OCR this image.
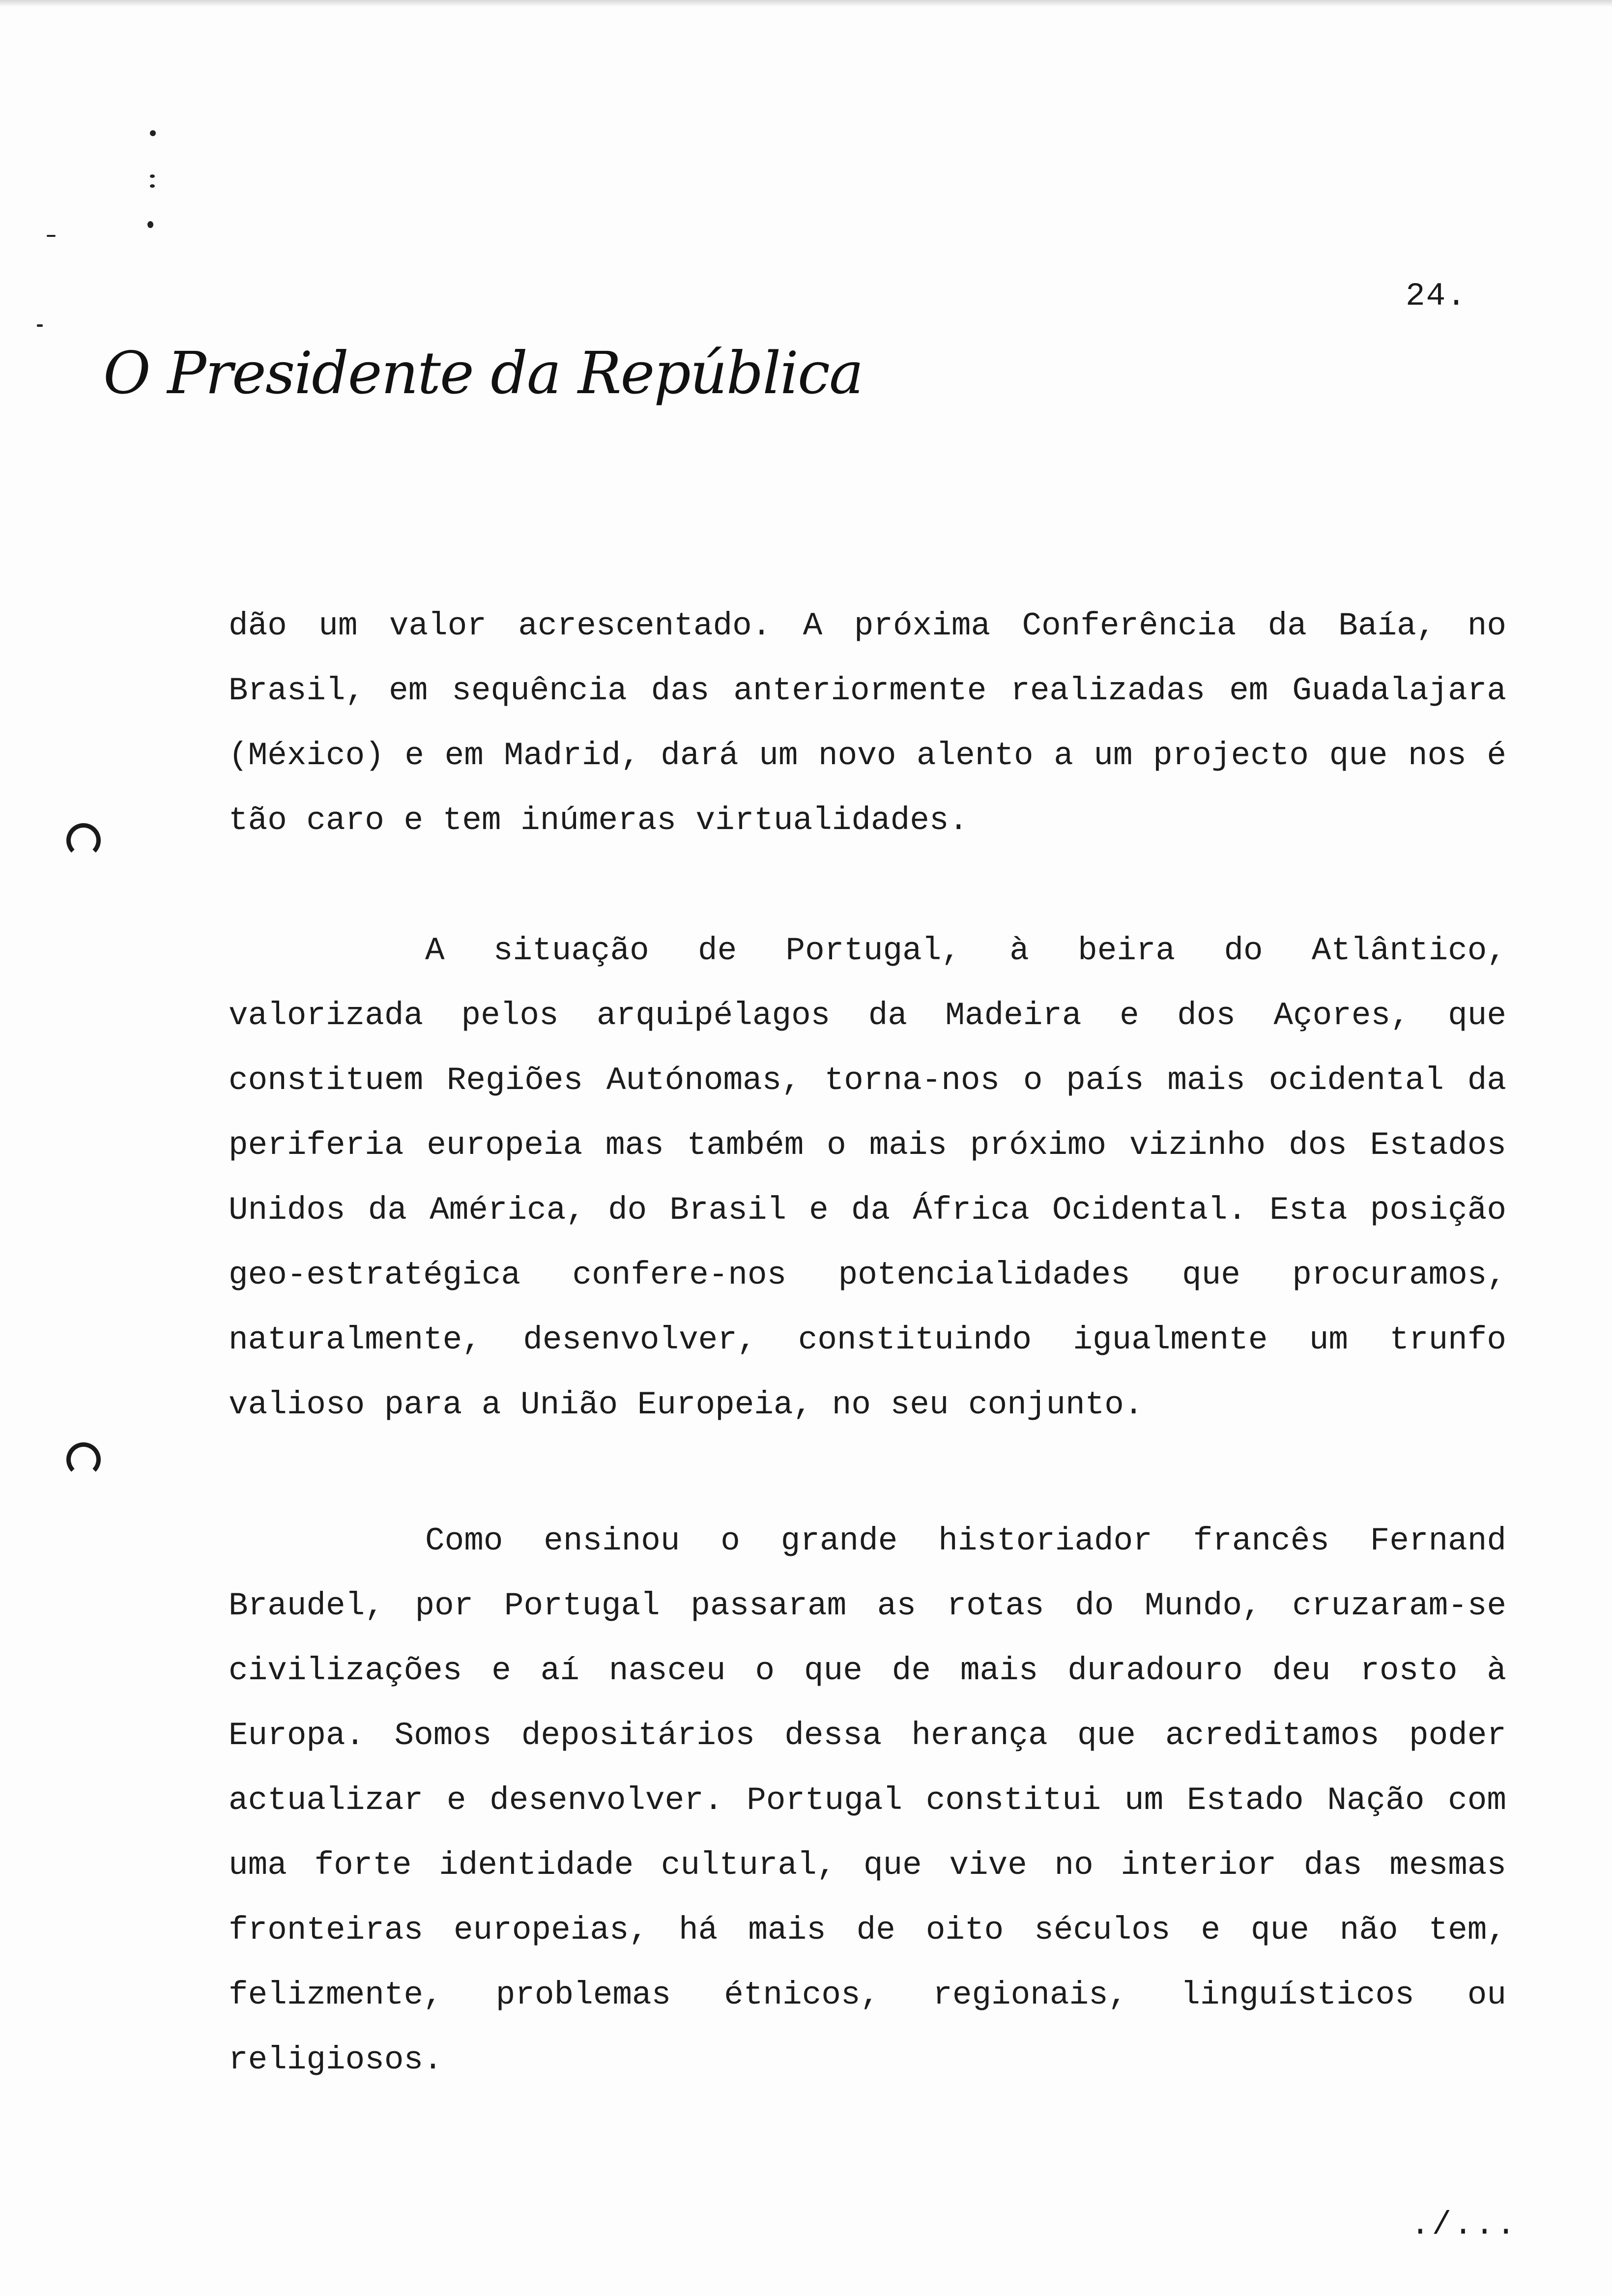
24.
O Presidente da República

dão um valor acrescentado. A próxima Conferência da Baía, no Brasil, em sequência das anteriormente realizadas em Guadalajara (México) e em Madrid, dará um novo alento a um projecto que nos é tão caro e tem inúmeras virtualidades.

A situação de Portugal, à beira do Atlântico, valorizada pelos arquipélagos da Madeira e dos Açores, que constituem Regiões Autónomas, torna-nos o país mais ocidental da periferia europeia mas também o mais próximo vizinho dos Estados Unidos da América, do Brasil e da África Ocidental. Esta posição geo-estratégica confere-nos potencialidades que procuramos, naturalmente, desenvolver, constituindo igualmente um trunfo valioso para a União Europeia, no seu conjunto.

Como ensinou o grande historiador francês Fernand Braudel, por Portugal passaram as rotas do Mundo, cruzaram-se civilizações e aí nasceu o que de mais duradouro deu rosto à Europa. Somos depositários dessa herança que acreditamos poder actualizar e desenvolver. Portugal constitui um Estado Nação com uma forte identidade cultural, que vive no interior das mesmas fronteiras europeias, há mais de oito séculos e que não tem, felizmente, problemas étnicos, regionais, linguísticos ou religiosos.

./...
